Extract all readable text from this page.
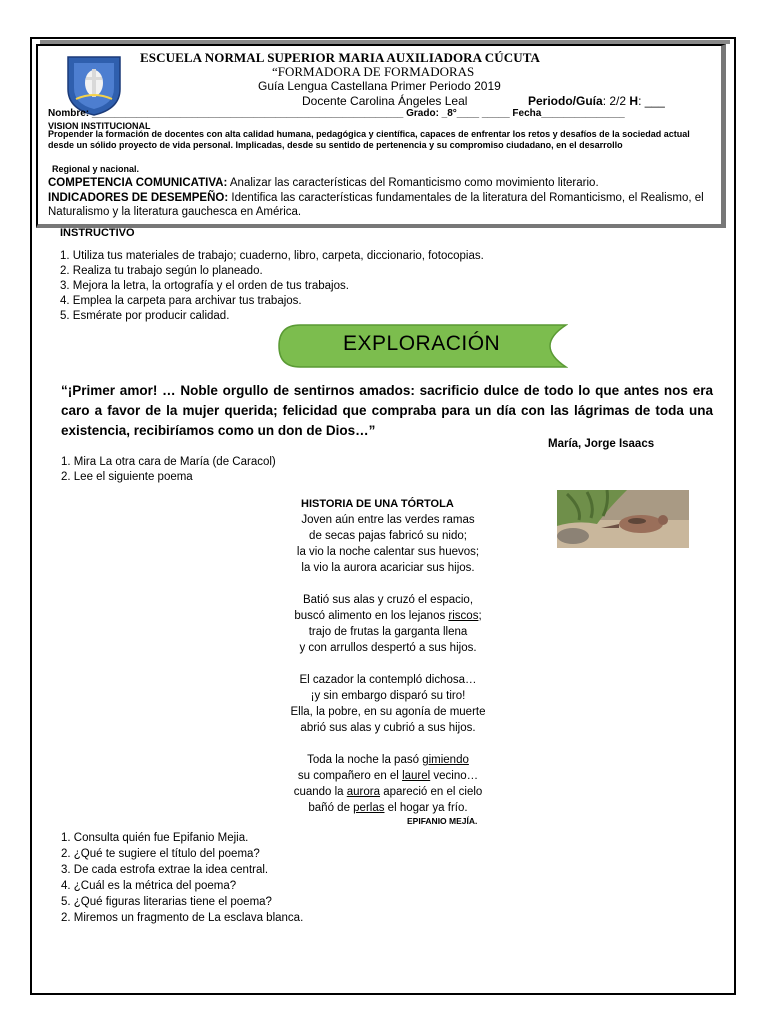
ESCUELA NORMAL SUPERIOR MARIA AUXILIADORA CÚCUTA
“FORMADORA DE FORMADORAS
Guía Lengua Castellana Primer Periodo 2019
Docente Carolina Ángeles Leal	Periodo/Guía: 2/2 H: ___
Nombre: ________________________________________________________ Grado: _8°____ _____ Fecha_______________
VISION INSTITUCIONAL
Propender la formación de docentes con alta calidad humana, pedagógica y científica, capaces de enfrentar los retos y desafíos de la sociedad actual desde un sólido proyecto de vida personal. Implicadas, desde su sentido de pertenencia y su compromiso ciudadano, en el desarrollo
Regional y nacional.
COMPETENCIA COMUNICATIVA: Analizar las características del Romanticismo como movimiento literario.
INDICADORES DE DESEMPEÑO: Identifica las características fundamentales de la literatura del Romanticismo, el Realismo, el Naturalismo y la literatura gauchesca en América.
INSTRUCTIVO
1. Utiliza tus materiales de trabajo; cuaderno, libro, carpeta, diccionario, fotocopias.
2. Realiza tu trabajo según lo planeado.
3. Mejora la letra, la ortografía y el orden de tus trabajos.
4. Emplea la carpeta para archivar tus trabajos.
5. Esmérate por producir calidad.
EXPLORACIÓN
“¡Primer amor! … Noble orgullo de sentirnos amados: sacrificio dulce de todo lo que antes nos era caro a favor de la mujer querida; felicidad que compraba para un día con las lágrimas de toda una existencia, recibiríamos como un don de Dios…”
María, Jorge Isaacs
1. Mira La otra cara de María (de Caracol)
2. Lee el siguiente poema
HISTORIA DE UNA TÓRTOLA
Joven aún entre las verdes ramas
de secas pajas fabricó su nido;
la vio la noche calentar sus huevos;
la vio la aurora acariciar sus hijos.
Batió sus alas y cruzó el espacio,
buscó alimento en los lejanos riscos;
trajo de frutas la garganta llena
y con arrullos despertó a sus hijos.
El cazador la contempló dichosa…
¡y sin embargo disparó su tiro!
Ella, la pobre, en su agonía de muerte
abrió sus alas y cubrió a sus hijos.
Toda la noche la pasó gimiendo
su compañero en el laurel vecino…
cuando la aurora apareció en el cielo
bañó de perlas el hogar ya frío.
EPIFANIO MEJÍA.
1. Consulta quién fue Epifanio Mejia.
2. ¿Qué te sugiere el título del poema?
3. De cada estrofa extrae la idea central.
4. ¿Cuál es la métrica del poema?
5. ¿Qué figuras literarias tiene el poema?
2. Miremos un fragmento de La esclava blanca.
